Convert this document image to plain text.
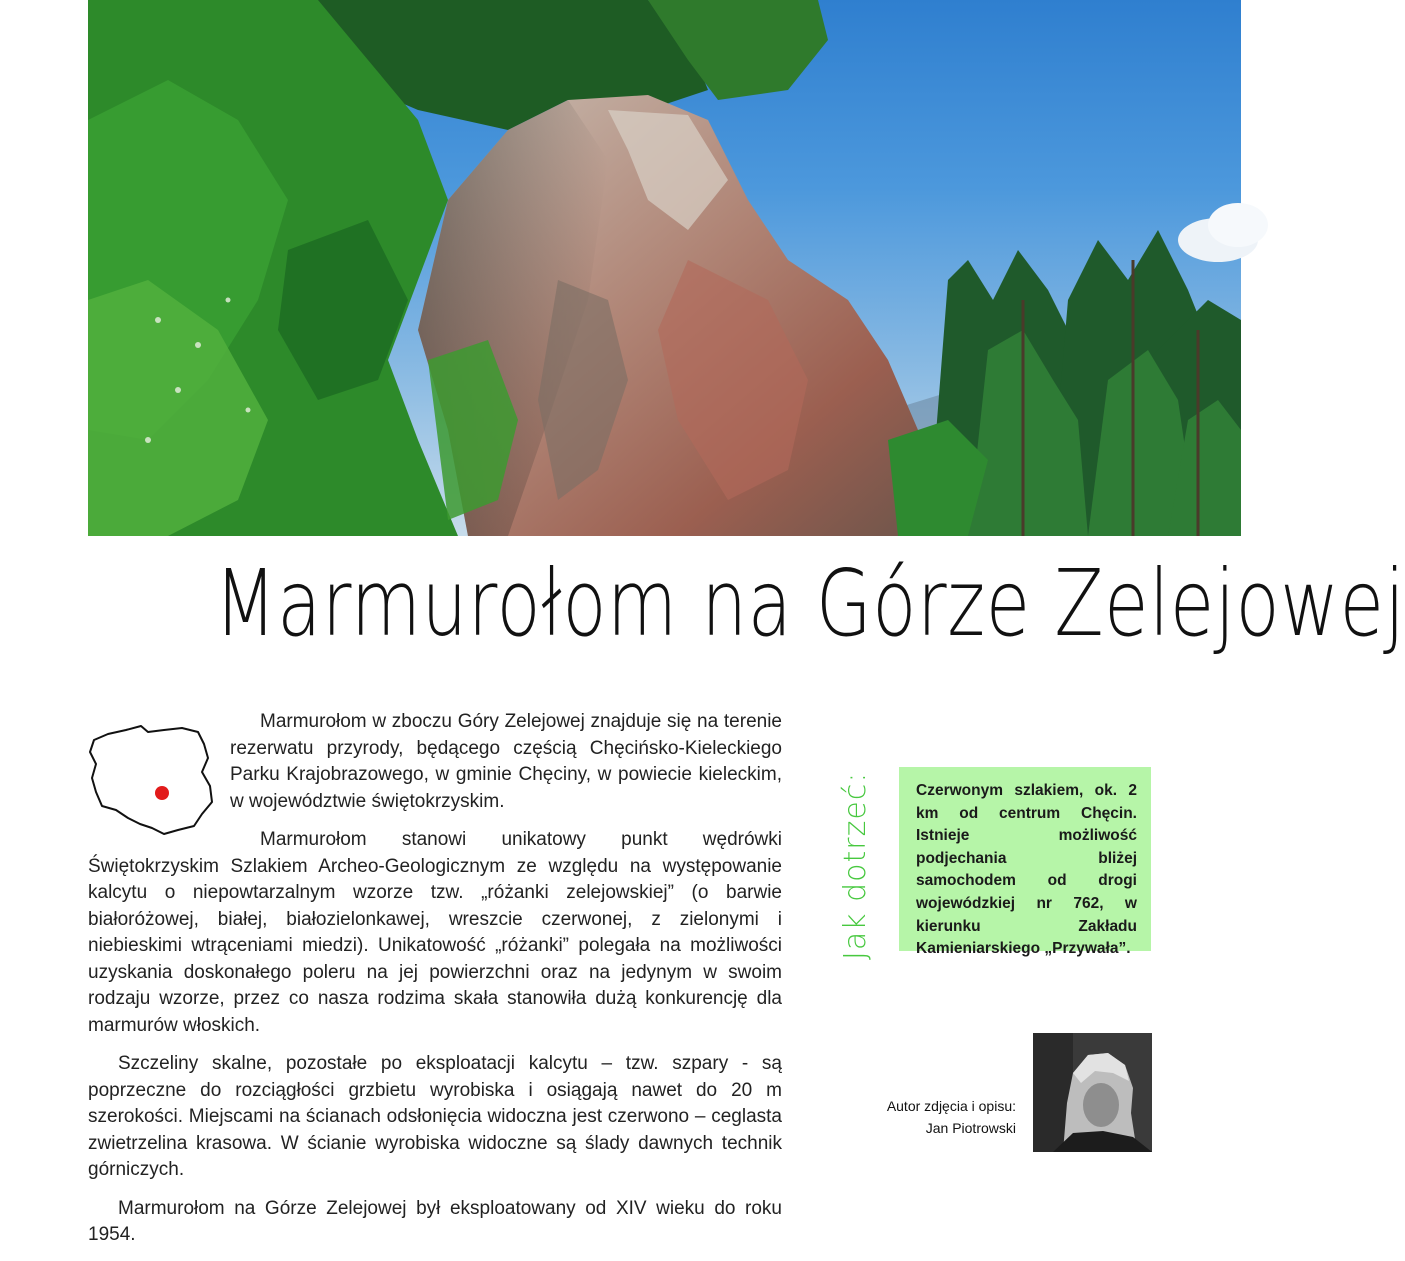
Marmurołom na Górze Zelejowej

Marmurołom w zboczu Góry Zelejowej znajduje się na terenie rezerwatu przyrody, będącego częścią Chęcińsko-Kieleckiego Parku Krajobrazowego, w gminie Chęciny, w powiecie kieleckim, w województwie świętokrzyskim.

Marmurołom stanowi unikatowy punkt wędrówki Świętokrzyskim Szlakiem Archeo-Geologicznym ze względu na występowanie kalcytu o niepowtarzalnym wzorze tzw. „różanki zelejowskiej” (o barwie białoróżowej, białej, białozielonkawej, wreszcie czerwonej, z zielonymi i niebieskimi wtrąceniami miedzi). Unikatowość „różanki” polegała na możliwości uzyskania doskonałego poleru na jej powierzchni oraz na jedynym w swoim rodzaju wzorze, przez co nasza rodzima skała stanowiła dużą konkurencję dla marmurów włoskich.

Szczeliny skalne, pozostałe po eksploatacji kalcytu – tzw. szpary - są poprzeczne do rozciągłości grzbietu wyrobiska i osiągają nawet do 20 m szerokości. Miejscami na ścianach odsłonięcia widoczna jest czerwono – ceglasta zwietrzelina krasowa. W ścianie wyrobiska widoczne są ślady dawnych technik górniczych.

Marmurołom na Górze Zelejowej był eksploatowany od XIV wieku do roku 1954.

Jak dotrzeć:	Czerwonym szlakiem, ok. 2 km od centrum Chęcin. Istnieje możliwość podjechania bliżej samochodem od drogi wojewódzkiej nr 762, w kierunku Zakładu Kamieniarskiego „Przywała”.
Autor zdjęcia i opisu:
Jan Piotrowski
